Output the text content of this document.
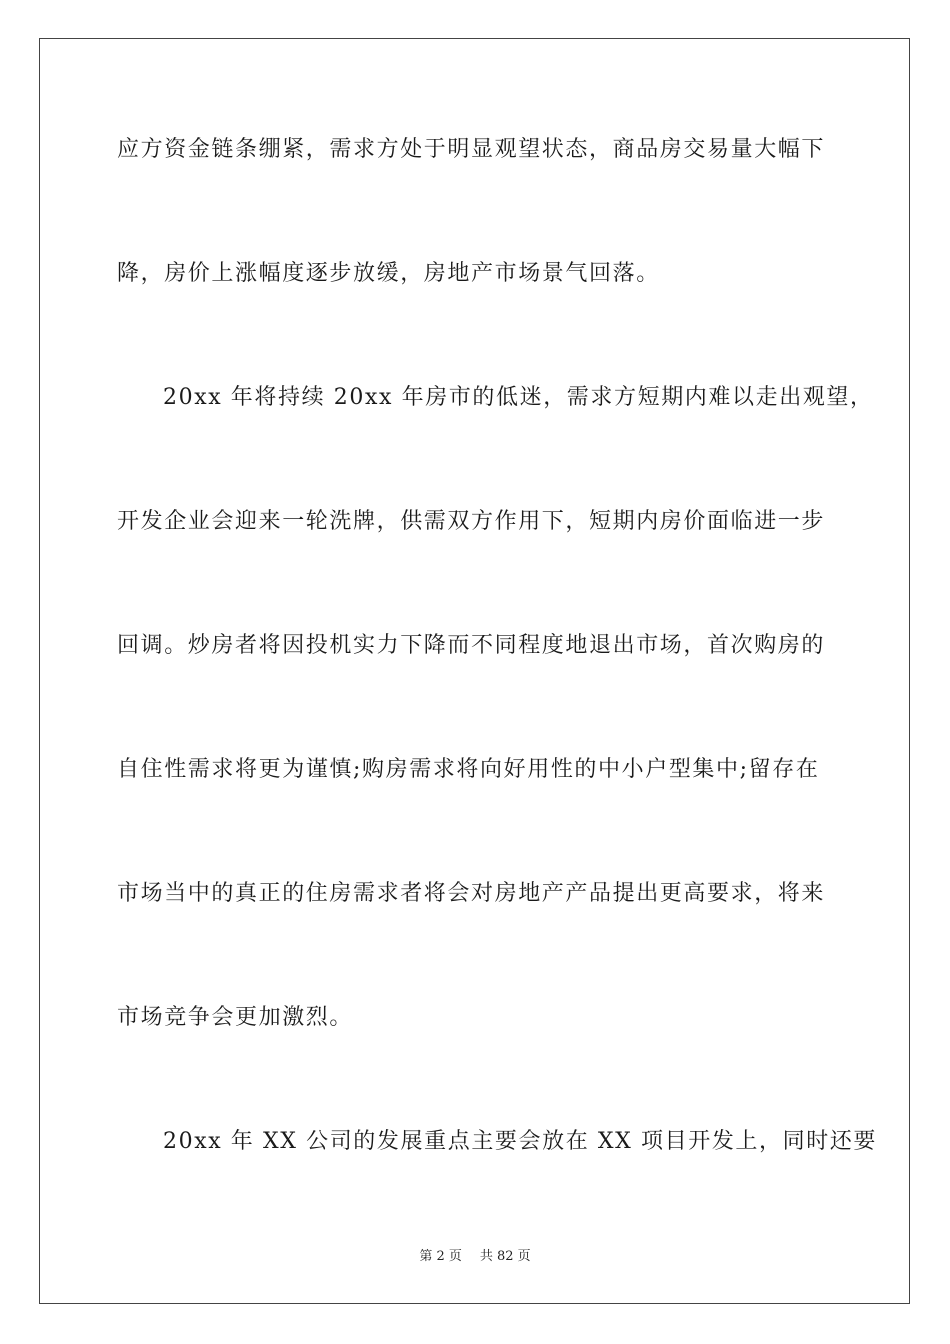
应方资金链条绷紧，需求方处于明显观望状态，商品房交易量大幅下
降，房价上涨幅度逐步放缓，房地产市场景气回落。
20xx 年将持续 20xx 年房市的低迷，需求方短期内难以走出观望，
开发企业会迎来一轮洗牌，供需双方作用下，短期内房价面临进一步
回调。炒房者将因投机实力下降而不同程度地退出市场，首次购房的
自住性需求将更为谨慎;购房需求将向好用性的中小户型集中;留存在
市场当中的真正的住房需求者将会对房地产产品提出更高要求，将来
市场竞争会更加激烈。
20xx 年 XX 公司的发展重点主要会放在 XX 项目开发上，同时还要
第 2 页 共 82 页
